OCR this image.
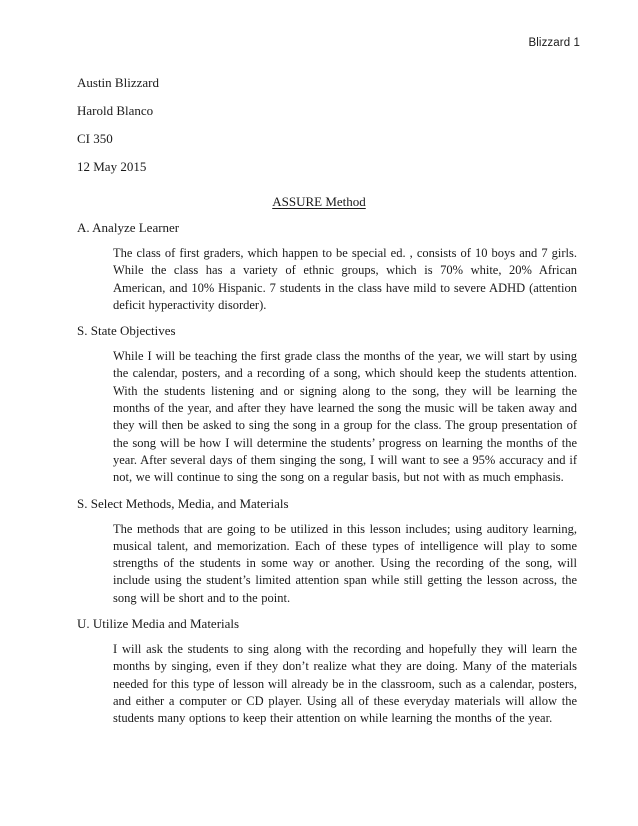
Blizzard 1
Austin Blizzard
Harold Blanco
CI 350
12 May 2015
ASSURE Method

A. Analyze Learner

The class of first graders, which happen to be special ed. , consists of 10 boys and 7 girls. While the class has a variety of ethnic groups, which is 70% white, 20% African American, and 10% Hispanic. 7 students in the class have mild to severe ADHD (attention deficit hyperactivity disorder).

S. State Objectives

While I will be teaching the first grade class the months of the year, we will start by using the calendar, posters, and a recording of a song, which should keep the students attention. With the students listening and or signing along to the song, they will be learning the months of the year, and after they have learned the song the music will be taken away and they will then be asked to sing the song in a group for the class. The group presentation of the song will be how I will determine the students’ progress on learning the months of the year. After several days of them singing the song, I will want to see a 95% accuracy and if not, we will continue to sing the song on a regular basis, but not with as much emphasis.

S. Select Methods, Media, and Materials

The methods that are going to be utilized in this lesson includes; using auditory learning, musical talent, and memorization. Each of these types of intelligence will play to some strengths of the students in some way or another. Using the recording of the song, will include using the student’s limited attention span while still getting the lesson across, the song will be short and to the point.

U. Utilize Media and Materials

I will ask the students to sing along with the recording and hopefully they will learn the months by singing, even if they don’t realize what they are doing. Many of the materials needed for this type of lesson will already be in the classroom, such as a calendar, posters, and either a computer or CD player. Using all of these everyday materials will allow the students many options to keep their attention on while learning the months of the year.
